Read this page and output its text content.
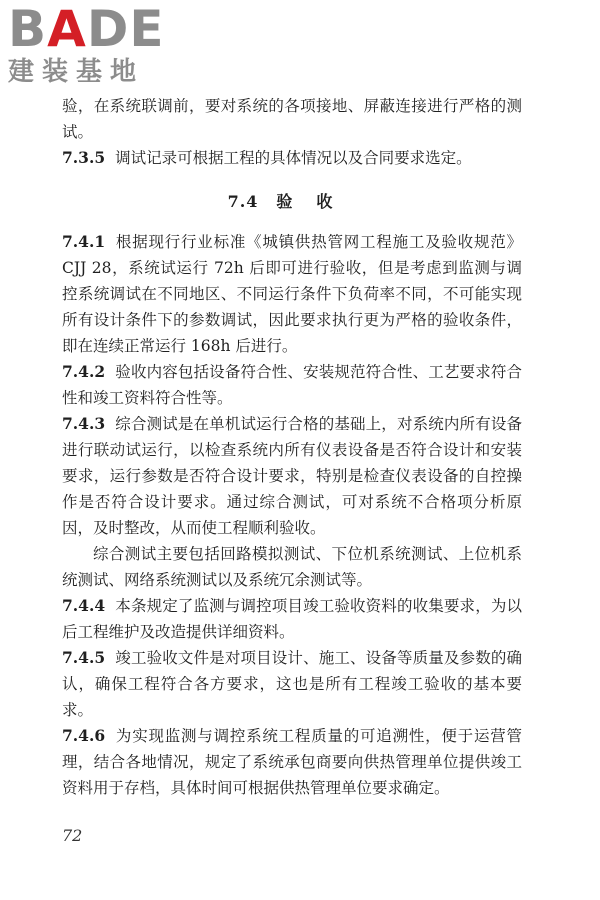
BADE
建装基地

验，在系统联调前，要对系统的各项接地、屏蔽连接进行严格的测试。

7.3.5 调试记录可根据工程的具体情况以及合同要求选定。

7.4 验收

7.4.1 根据现行行业标准《城镇供热管网工程施工及验收规范》CJJ 28，系统试运行 72h 后即可进行验收，但是考虑到监测与调控系统调试在不同地区、不同运行条件下负荷率不同，不可能实现所有设计条件下的参数调试，因此要求执行更为严格的验收条件，即在连续正常运行 168h 后进行。

7.4.2 验收内容包括设备符合性、安装规范符合性、工艺要求符合性和竣工资料符合性等。

7.4.3 综合测试是在单机试运行合格的基础上，对系统内所有设备进行联动试运行，以检查系统内所有仪表设备是否符合设计和安装要求，运行参数是否符合设计要求，特别是检查仪表设备的自控操作是否符合设计要求。通过综合测试，可对系统不合格项分析原因，及时整改，从而使工程顺利验收。

综合测试主要包括回路模拟测试、下位机系统测试、上位机系统测试、网络系统测试以及系统冗余测试等。

7.4.4 本条规定了监测与调控项目竣工验收资料的收集要求，为以后工程维护及改造提供详细资料。

7.4.5 竣工验收文件是对项目设计、施工、设备等质量及参数的确认，确保工程符合各方要求，这也是所有工程竣工验收的基本要求。

7.4.6 为实现监测与调控系统工程质量的可追溯性，便于运营管理，结合各地情况，规定了系统承包商要向供热管理单位提供竣工资料用于存档，具体时间可根据供热管理单位要求确定。

72
